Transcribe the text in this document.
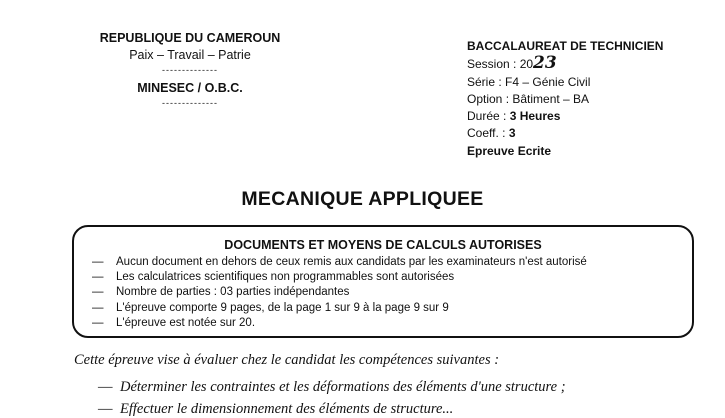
REPUBLIQUE DU CAMEROUN
Paix – Travail – Patrie
--------------
MINESEC / O.B.C.
--------------
BACCALAUREAT DE TECHNICIEN
Session : 2023
Série : F4 – Génie Civil
Option : Bâtiment – BA
Durée : 3 Heures
Coeff. : 3
Epreuve Ecrite
MECANIQUE APPLIQUEE
DOCUMENTS ET MOYENS DE CALCULS AUTORISES
—	Aucun document en dehors de ceux remis aux candidats par les examinateurs n'est autorisé
—	Les calculatrices scientifiques non programmables sont autorisées
—	Nombre de parties : 03 parties indépendantes
—	L'épreuve comporte 9 pages, de la page 1 sur 9 à la page 9 sur 9
—	L'épreuve est notée sur 20.
Cette épreuve vise à évaluer chez le candidat les compétences suivantes :
— Déterminer les contraintes et les déformations des éléments d'une structure ;
— Effectuer le dimensionnement des éléments de structure...
